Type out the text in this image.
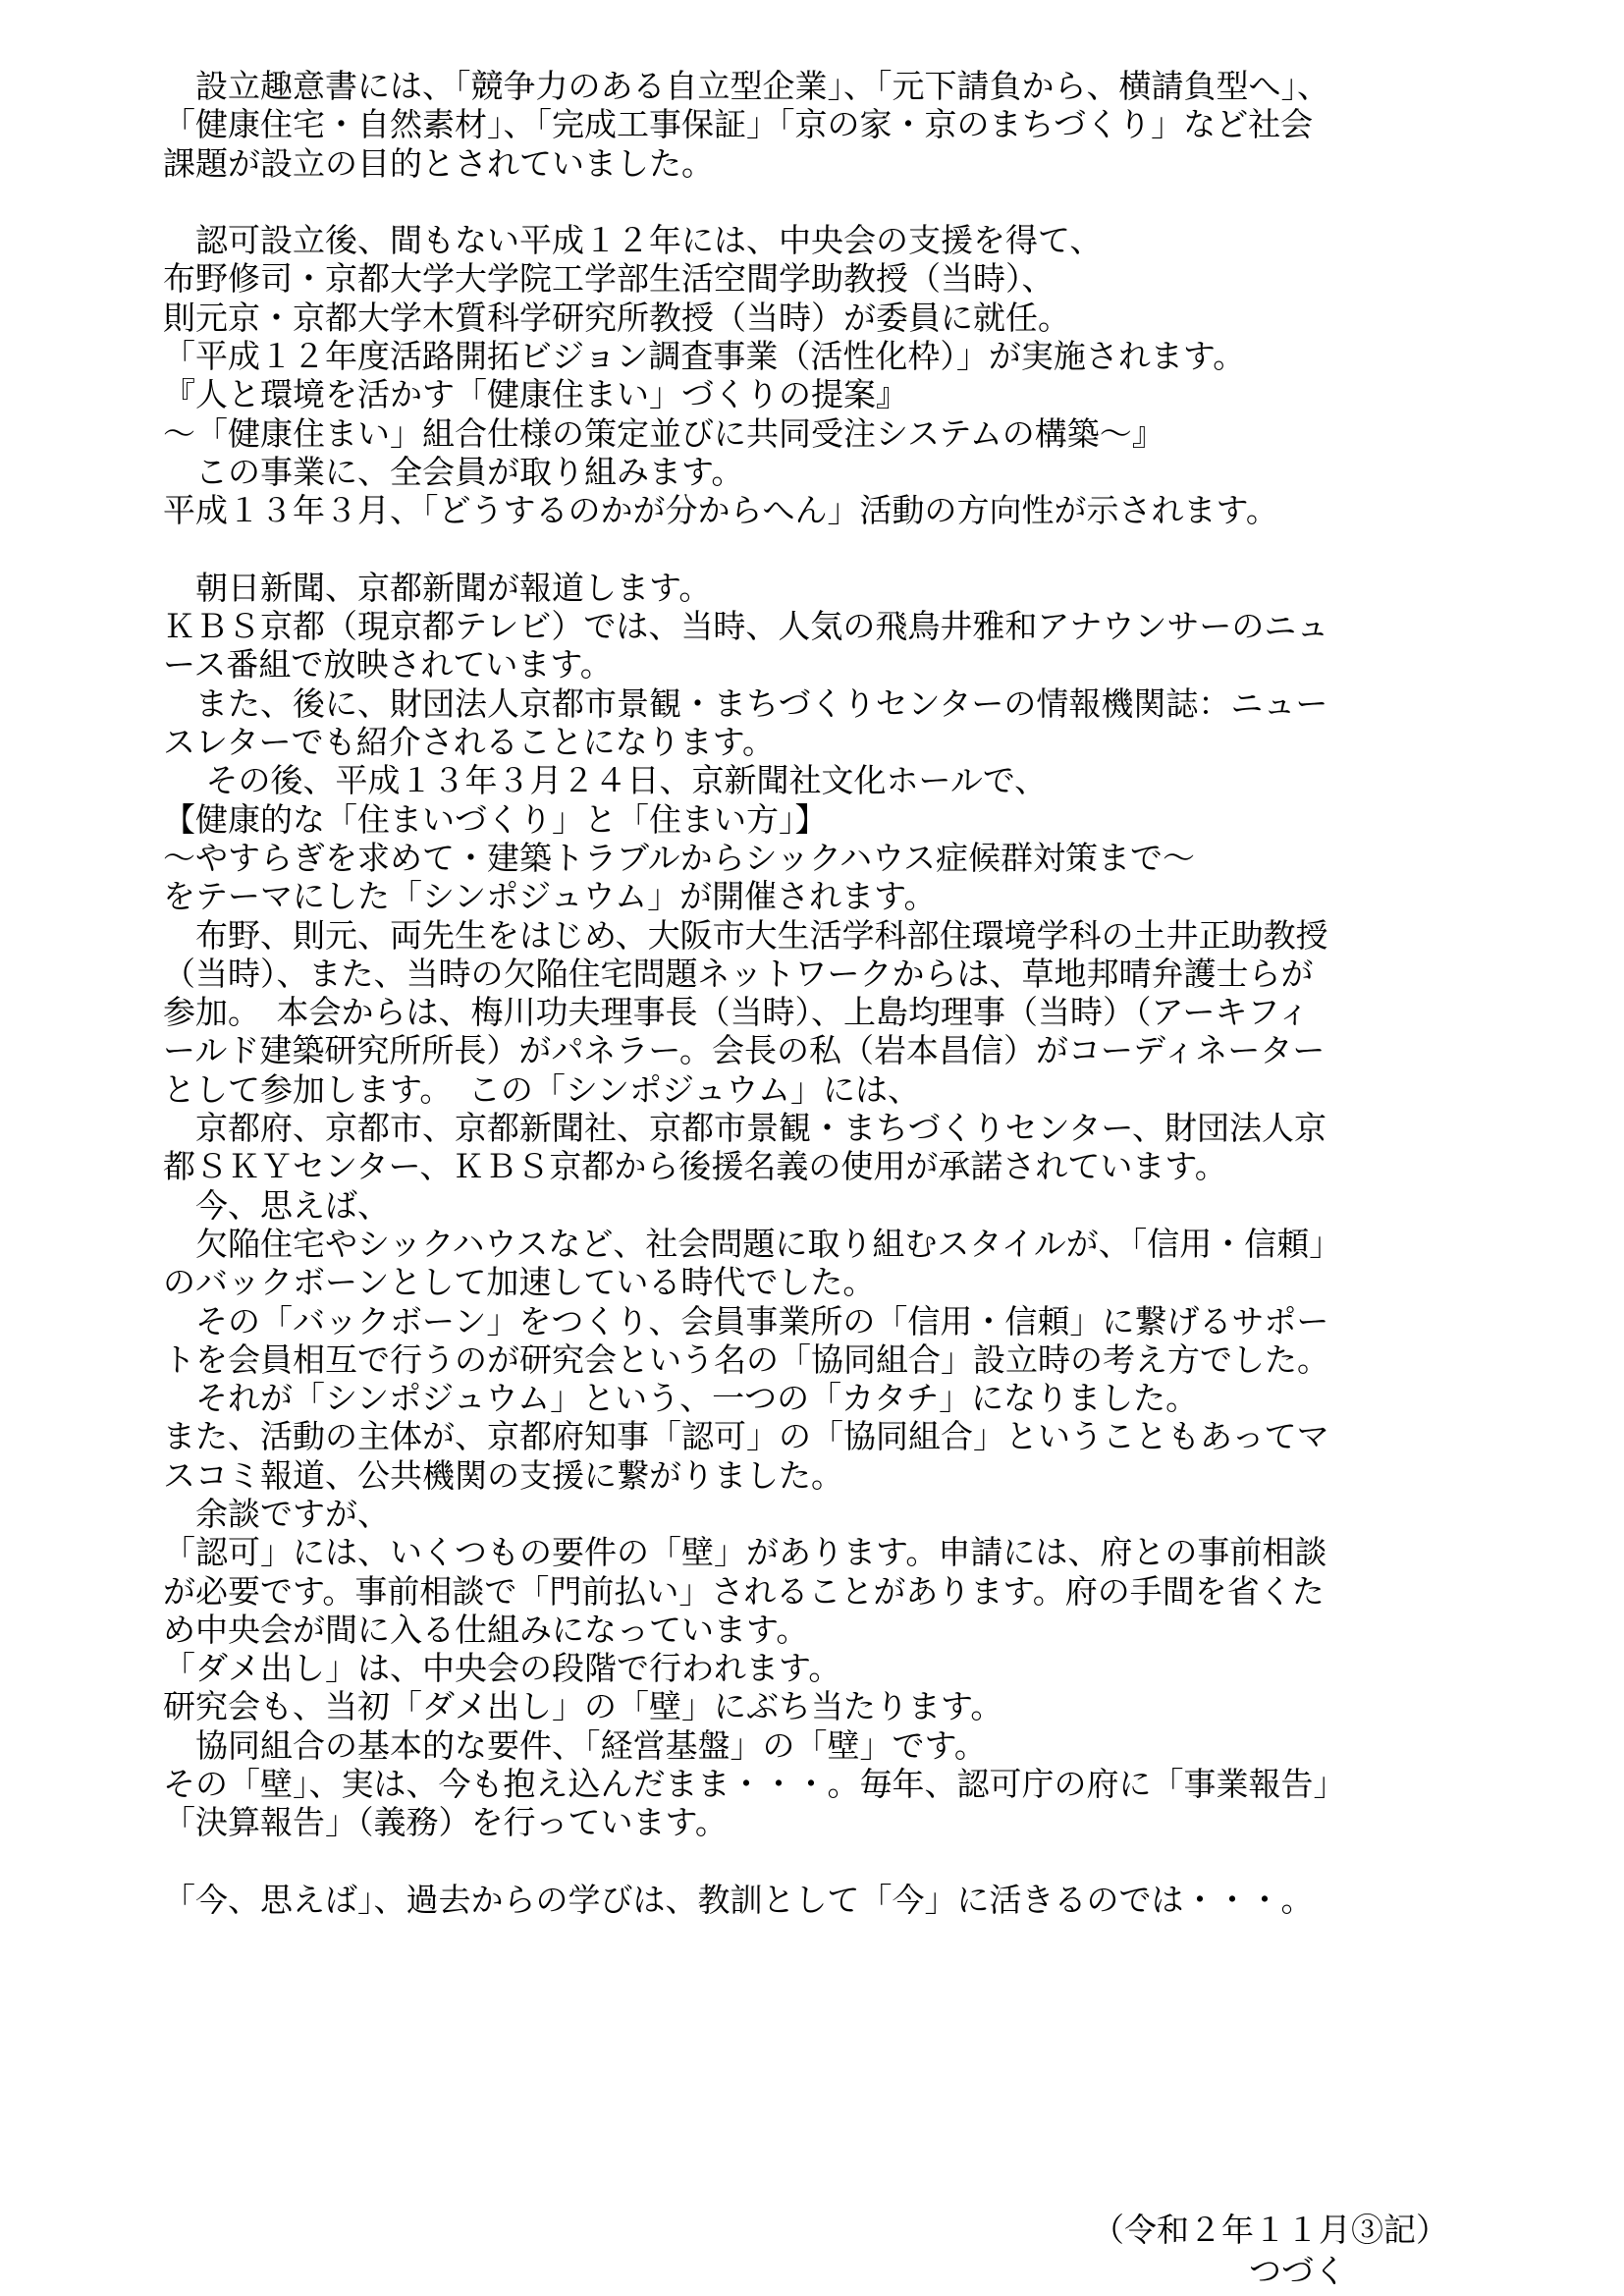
　設立趣意書には、「競争力のある自立型企業」、「元下請負から、横請負型へ」、
「健康住宅・自然素材」、「完成工事保証」「京の家・京のまちづくり」など社会
課題が設立の目的とされていました。
　認可設立後、間もない平成１２年には、中央会の支援を得て、
布野修司・京都大学大学院工学部生活空間学助教授（当時）、
則元京・京都大学木質科学研究所教授（当時）が委員に就任。
「平成１２年度活路開拓ビジョン調査事業（活性化枠）」が実施されます。
『人と環境を活かす「健康住まい」づくりの提案』
～「健康住まい」組合仕様の策定並びに共同受注システムの構築～』
　この事業に、全会員が取り組みます。
平成１３年３月、「どうするのかが分からへん」活動の方向性が示されます。
　朝日新聞、京都新聞が報道します。
ＫＢＳ京都（現京都テレビ）では、当時、人気の飛鳥井雅和アナウンサーのニュ
ース番組で放映されています。
　また、後に、財団法人京都市景観・まちづくりセンターの情報機関誌：ニュー
スレターでも紹介されることになります。
　 その後、平成１３年３月２４日、京新聞社文化ホールで、
【健康的な「住まいづくり」と「住まい方」】
～やすらぎを求めて・建築トラブルからシックハウス症候群対策まで～
をテーマにした「シンポジュウム」が開催されます。
　布野、則元、両先生をはじめ、大阪市大生活学科部住環境学科の土井正助教授
（当時）、また、当時の欠陥住宅問題ネットワークからは、草地邦晴弁護士らが
参加。　本会からは、梅川功夫理事長（当時）、上島均理事（当時）（アーキフィ
ールド建築研究所所長）がパネラー。会長の私（岩本昌信）がコーディネーター
として参加します。　この「シンポジュウム」には、
　京都府、京都市、京都新聞社、京都市景観・まちづくりセンター、財団法人京
都ＳＫＹセンター、ＫＢＳ京都から後援名義の使用が承諾されています。
　今、思えば、
　欠陥住宅やシックハウスなど、社会問題に取り組むスタイルが、「信用・信頼」
のバックボーンとして加速している時代でした。
　その「バックボーン」をつくり、会員事業所の「信用・信頼」に繋げるサポー
トを会員相互で行うのが研究会という名の「協同組合」設立時の考え方でした。
　それが「シンポジュウム」という、一つの「カタチ」になりました。
また、活動の主体が、京都府知事「認可」の「協同組合」ということもあってマ
スコミ報道、公共機関の支援に繋がりました。
　余談ですが、
「認可」には、いくつもの要件の「壁」があります。申請には、府との事前相談
が必要です。事前相談で「門前払い」されることがあります。府の手間を省くた
め中央会が間に入る仕組みになっています。
「ダメ出し」は、中央会の段階で行われます。
研究会も、当初「ダメ出し」の「壁」にぶち当たります。
　協同組合の基本的な要件、「経営基盤」の「壁」です。
その「壁」、実は、今も抱え込んだまま・・・。毎年、認可庁の府に「事業報告」
「決算報告」（義務）を行っています。
「今、思えば」、過去からの学びは、教訓として「今」に活きるのでは・・・。
（令和２年１１月③記）
つづく
